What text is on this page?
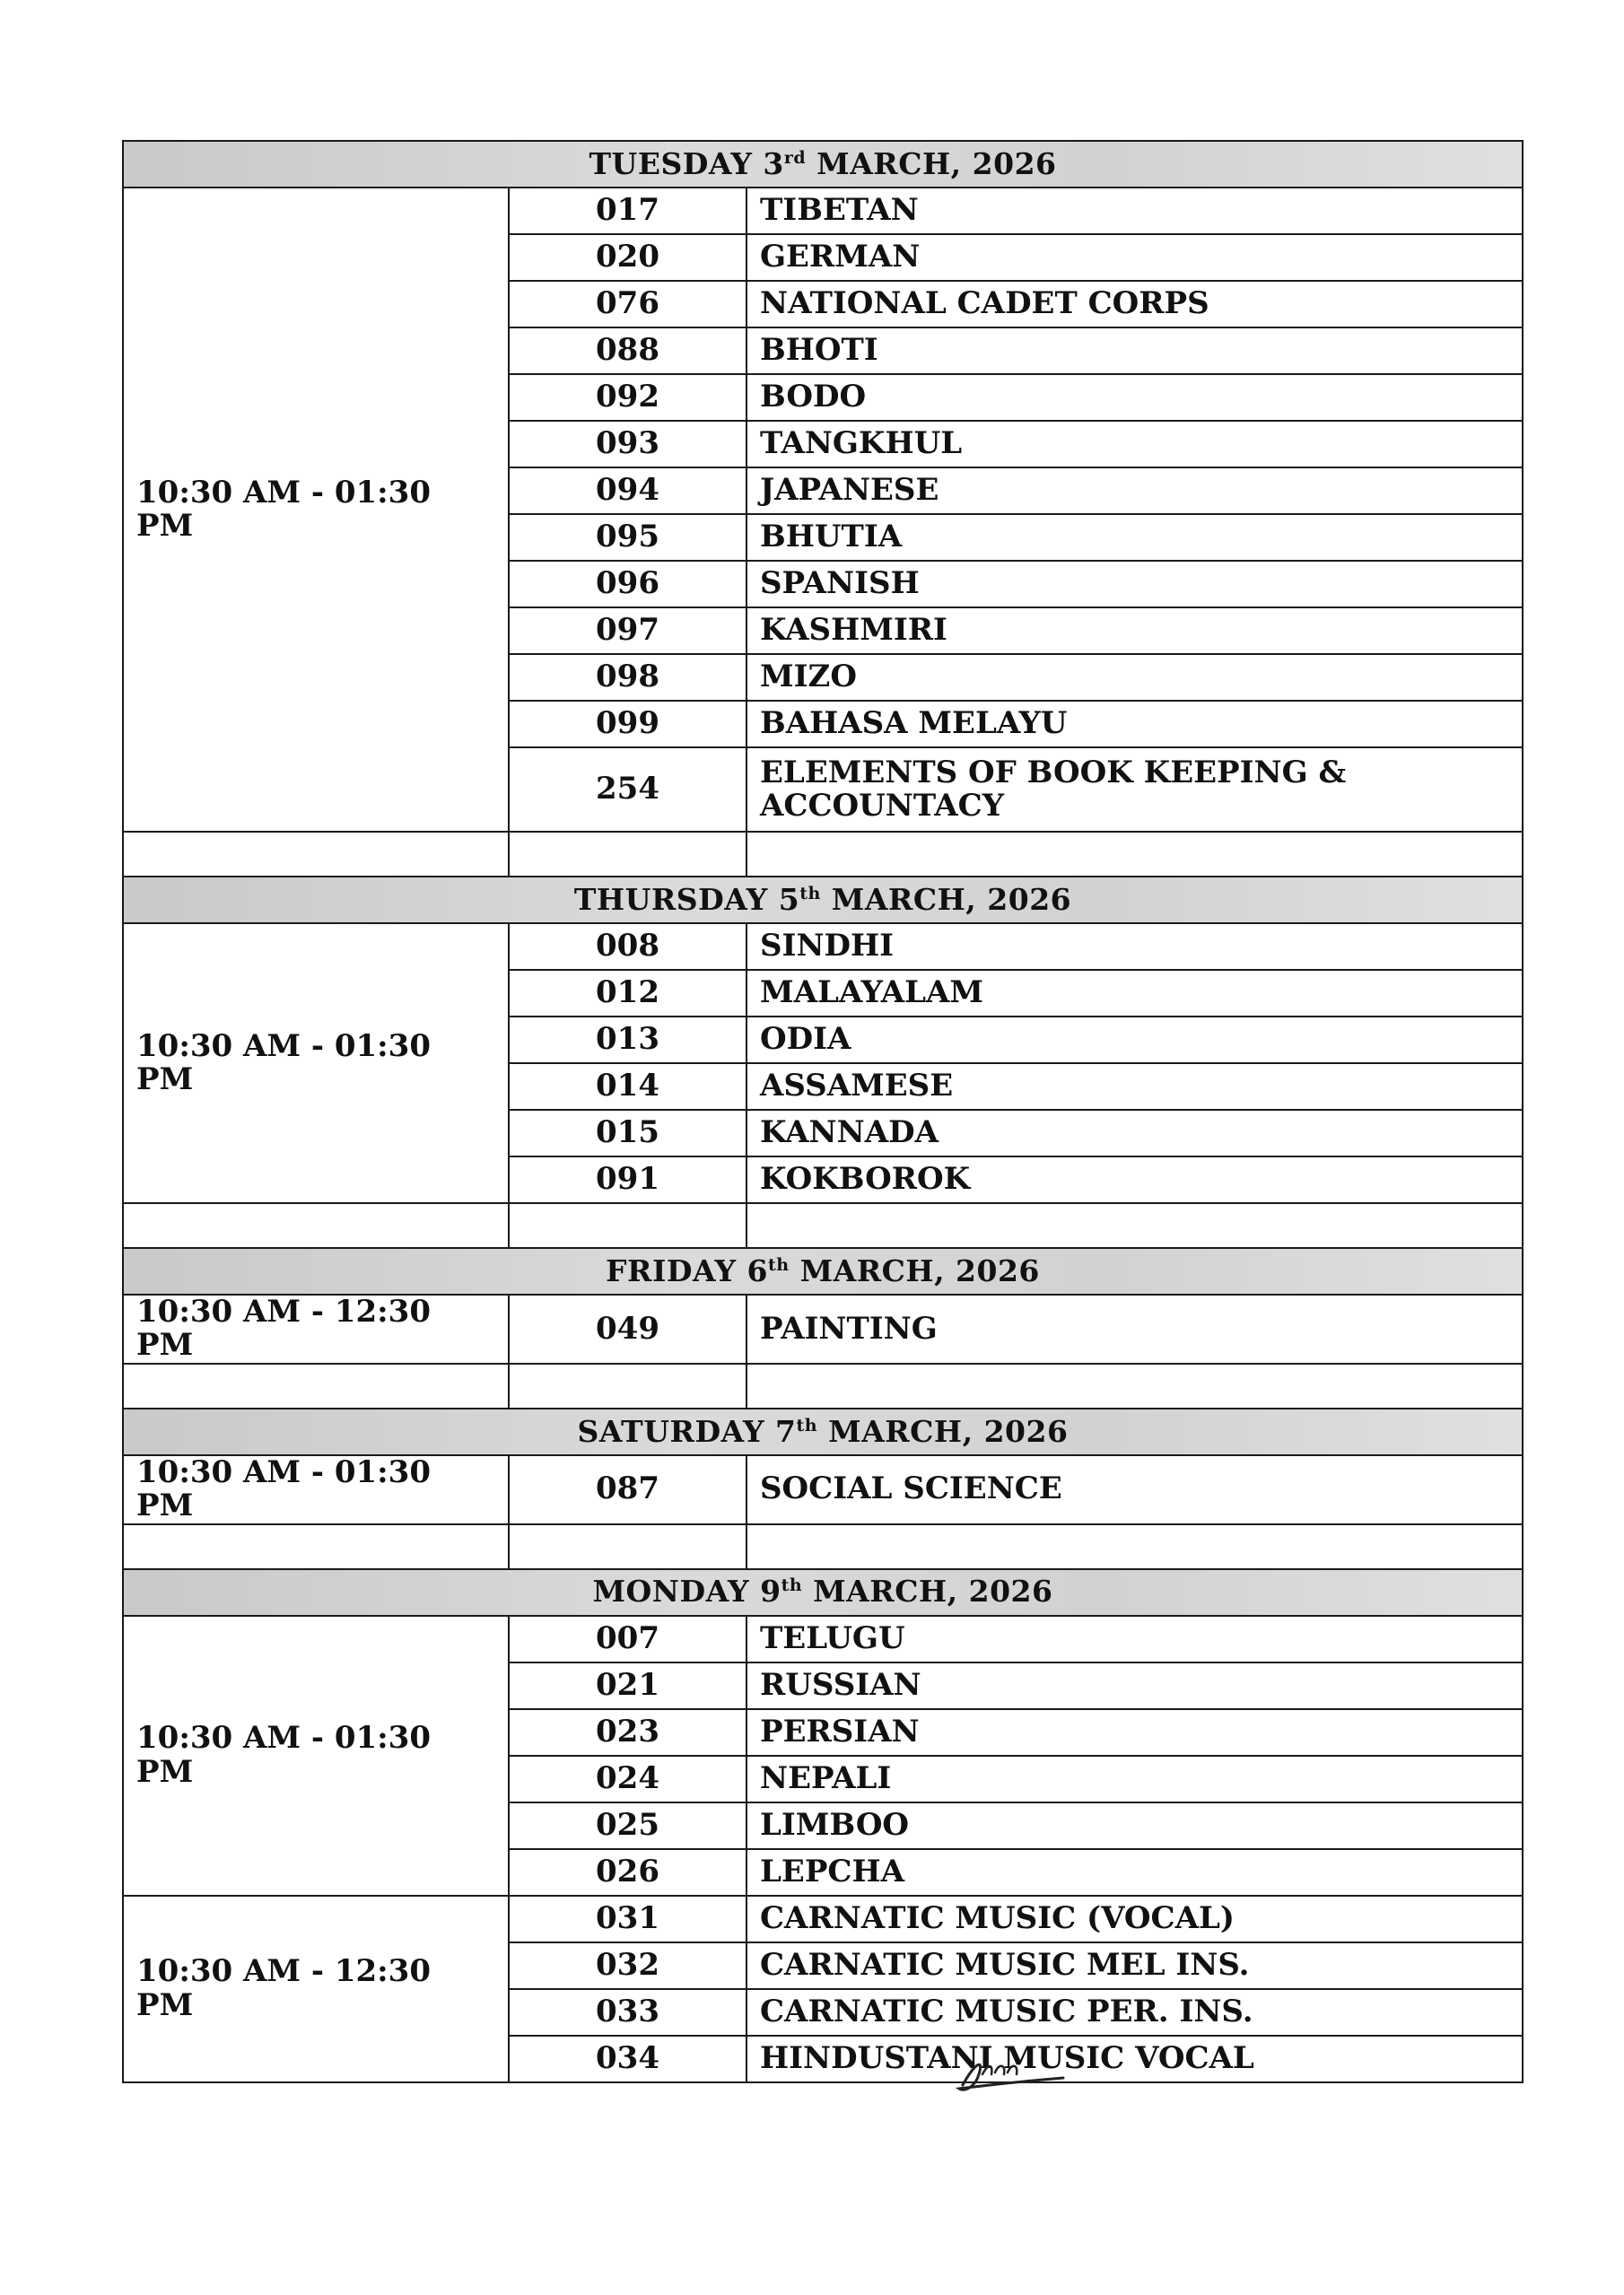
TUESDAY 3rd MARCH, 2026		
10:30 AM - 01:30 PM	017	TIBETAN

	020	GERMAN

	076	NATIONAL CADET CORPS

	088	BHOTI

	092	BODO

	093	TANGKHUL

	094	JAPANESE

	095	BHUTIA

	096	SPANISH

	097	KASHMIRI

	098	MIZO

	099	BAHASA MELAYU

	254	ELEMENTS OF BOOK KEEPING &
ACCOUNTACY

THURSDAY 5th MARCH, 2026		
10:30 AM - 01:30 PM	008	SINDHI

	012	MALAYALAM

	013	ODIA

	014	ASSAMESE

	015	KANNADA

	091	KOKBOROK

FRIDAY 6th MARCH, 2026		
10:30 AM - 12:30 PM	049	PAINTING

SATURDAY 7th MARCH, 2026		
10:30 AM - 01:30 PM	087	SOCIAL SCIENCE

MONDAY 9th MARCH, 2026		
10:30 AM - 01:30 PM	007	TELUGU

	021	RUSSIAN

	023	PERSIAN

	024	NEPALI

	025	LIMBOO

	026	LEPCHA

10:30 AM - 12:30 PM	031	CARNATIC MUSIC (VOCAL)

	032	CARNATIC MUSIC MEL INS.

	033	CARNATIC MUSIC PER. INS.

	034	HINDUSTANI MUSIC VOCAL
